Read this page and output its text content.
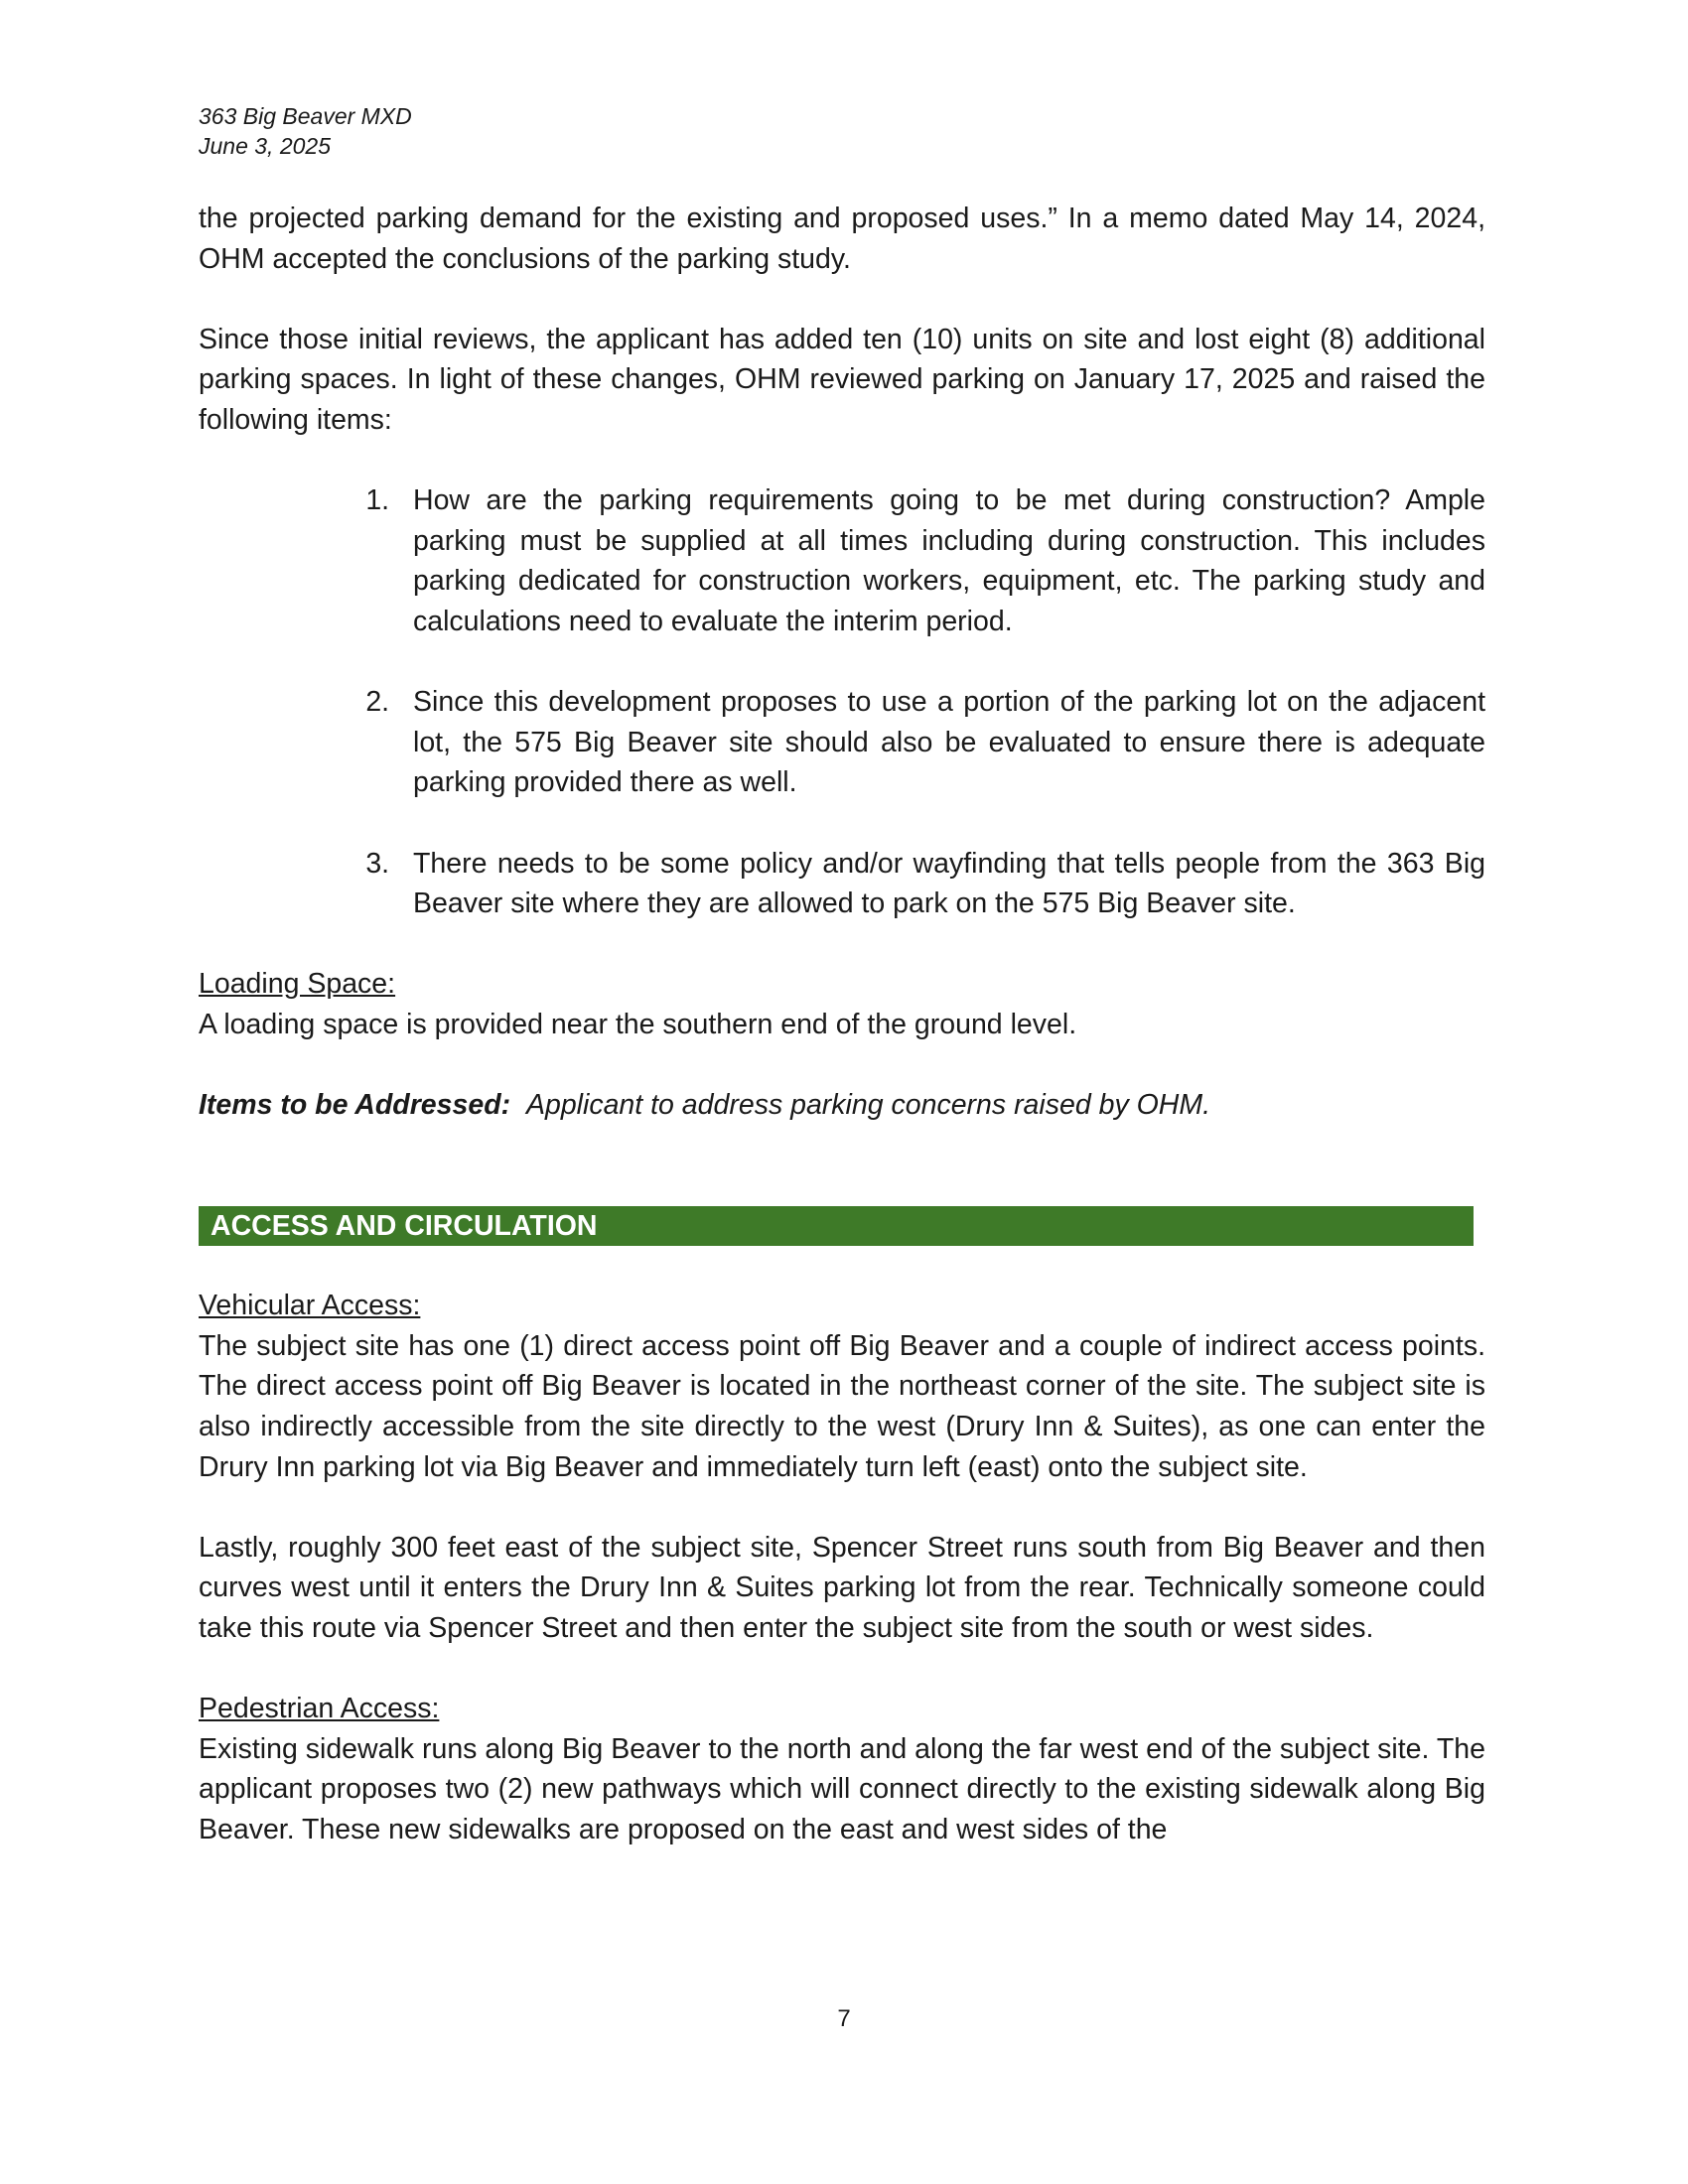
363 Big Beaver MXD
June 3, 2025

the projected parking demand for the existing and proposed uses.” In a memo dated May 14, 2024, OHM accepted the conclusions of the parking study.

Since those initial reviews, the applicant has added ten (10) units on site and lost eight (8) additional parking spaces. In light of these changes, OHM reviewed parking on January 17, 2025 and raised the following items:

1. How are the parking requirements going to be met during construction? Ample parking must be supplied at all times including during construction. This includes parking dedicated for construction workers, equipment, etc. The parking study and calculations need to evaluate the interim period.
2. Since this development proposes to use a portion of the parking lot on the adjacent lot, the 575 Big Beaver site should also be evaluated to ensure there is adequate parking provided there as well.
3. There needs to be some policy and/or wayfinding that tells people from the 363 Big Beaver site where they are allowed to park on the 575 Big Beaver site.
Loading Space:

A loading space is provided near the southern end of the ground level.

Items to be Addressed: Applicant to address parking concerns raised by OHM.

ACCESS AND CIRCULATION
Vehicular Access:

The subject site has one (1) direct access point off Big Beaver and a couple of indirect access points. The direct access point off Big Beaver is located in the northeast corner of the site. The subject site is also indirectly accessible from the site directly to the west (Drury Inn & Suites), as one can enter the Drury Inn parking lot via Big Beaver and immediately turn left (east) onto the subject site.

Lastly, roughly 300 feet east of the subject site, Spencer Street runs south from Big Beaver and then curves west until it enters the Drury Inn & Suites parking lot from the rear. Technically someone could take this route via Spencer Street and then enter the subject site from the south or west sides.

Pedestrian Access:

Existing sidewalk runs along Big Beaver to the north and along the far west end of the subject site. The applicant proposes two (2) new pathways which will connect directly to the existing sidewalk along Big Beaver. These new sidewalks are proposed on the east and west sides of the

7
